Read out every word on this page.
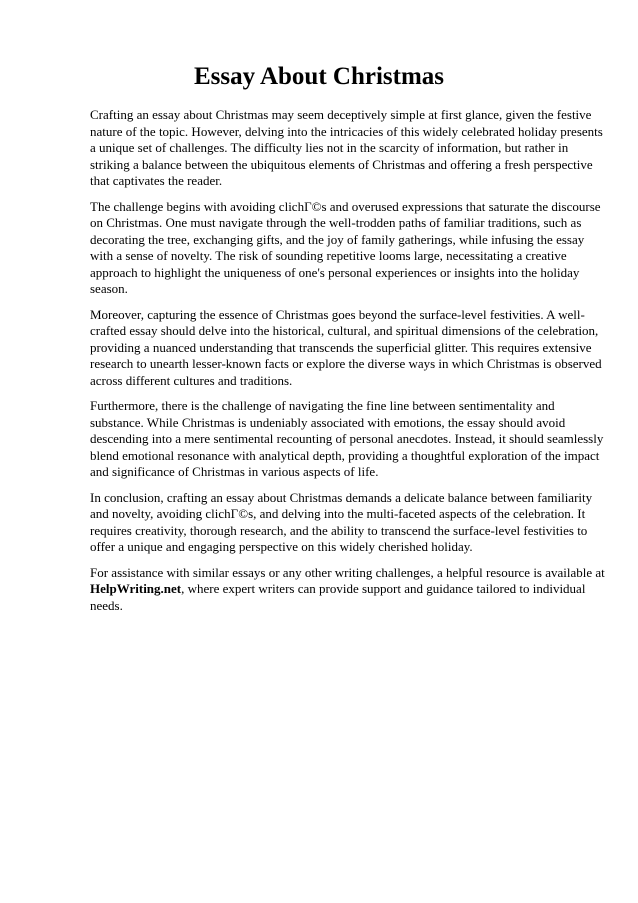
Essay About Christmas

Crafting an essay about Christmas may seem deceptively simple at first glance, given the festive nature of the topic. However, delving into the intricacies of this widely celebrated holiday presents a unique set of challenges. The difficulty lies not in the scarcity of information, but rather in striking a balance between the ubiquitous elements of Christmas and offering a fresh perspective that captivates the reader.

The challenge begins with avoiding clichГ©s and overused expressions that saturate the discourse on Christmas. One must navigate through the well-trodden paths of familiar traditions, such as decorating the tree, exchanging gifts, and the joy of family gatherings, while infusing the essay with a sense of novelty. The risk of sounding repetitive looms large, necessitating a creative approach to highlight the uniqueness of one's personal experiences or insights into the holiday season.

Moreover, capturing the essence of Christmas goes beyond the surface-level festivities. A well-crafted essay should delve into the historical, cultural, and spiritual dimensions of the celebration, providing a nuanced understanding that transcends the superficial glitter. This requires extensive research to unearth lesser-known facts or explore the diverse ways in which Christmas is observed across different cultures and traditions.

Furthermore, there is the challenge of navigating the fine line between sentimentality and substance. While Christmas is undeniably associated with emotions, the essay should avoid descending into a mere sentimental recounting of personal anecdotes. Instead, it should seamlessly blend emotional resonance with analytical depth, providing a thoughtful exploration of the impact and significance of Christmas in various aspects of life.

In conclusion, crafting an essay about Christmas demands a delicate balance between familiarity and novelty, avoiding clichГ©s, and delving into the multi-faceted aspects of the celebration. It requires creativity, thorough research, and the ability to transcend the surface-level festivities to offer a unique and engaging perspective on this widely cherished holiday.

For assistance with similar essays or any other writing challenges, a helpful resource is available at HelpWriting.net, where expert writers can provide support and guidance tailored to individual needs.
